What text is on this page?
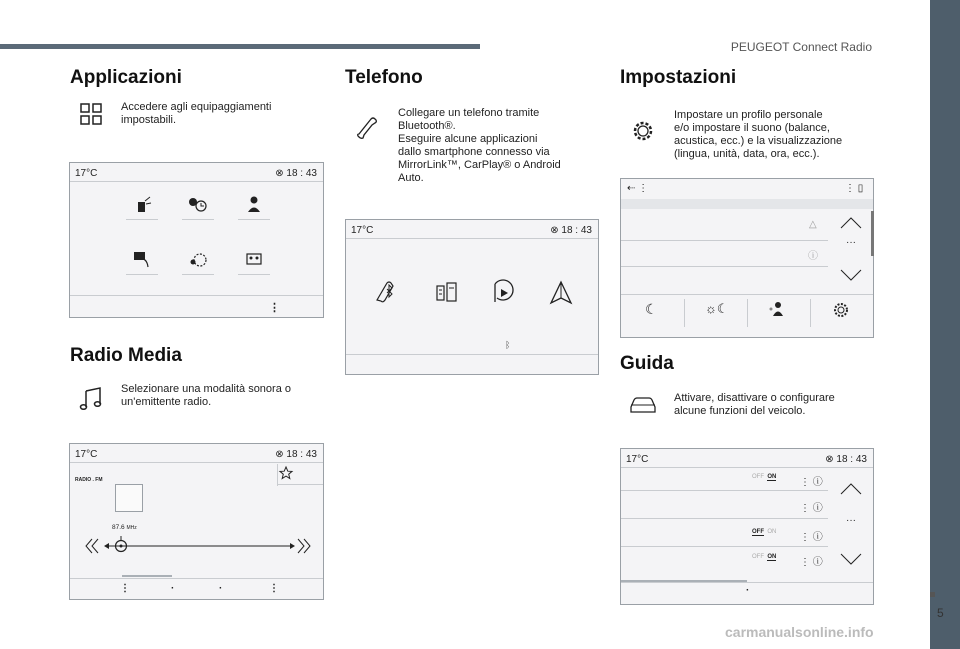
PEUGEOT Connect Radio
5
Applicazioni
Accedere agli equipaggiamenti impostabili.
17°C	⊗ 18 : 43
⋮
Radio Media
Selezionare una modalità sonora o un'emittente radio.
17°C	⊗ 18 : 43
RADIO . FM
87.6 MHz
⋮	·	·	⋮
Telefono
Collegare un telefono tramite
Bluetooth®.
Eseguire alcune applicazioni
dallo smartphone connesso via
MirrorLink™, CarPlay® o Android
Auto.
17°C	⊗ 18 : 43
ᛒ
Impostazioni
Impostare un profilo personale
e/o impostare il suono (balance,
acustica, ecc.) e la visualizzazione
(lingua, unità, data, ora, ecc.).
⇠ ⋮	⋮ ▯
△
ⓘ
···
☾	☼☾
Guida
Attivare, disattivare o configurare
alcune funzioni del veicolo.
17°C	⊗ 18 : 43
OFF ON ⋮ ⓘ
⋮ ⓘ
OFF ON ⋮ ⓘ
OFF ON ⋮ ⓘ
···
·
carmanualsonline.info
